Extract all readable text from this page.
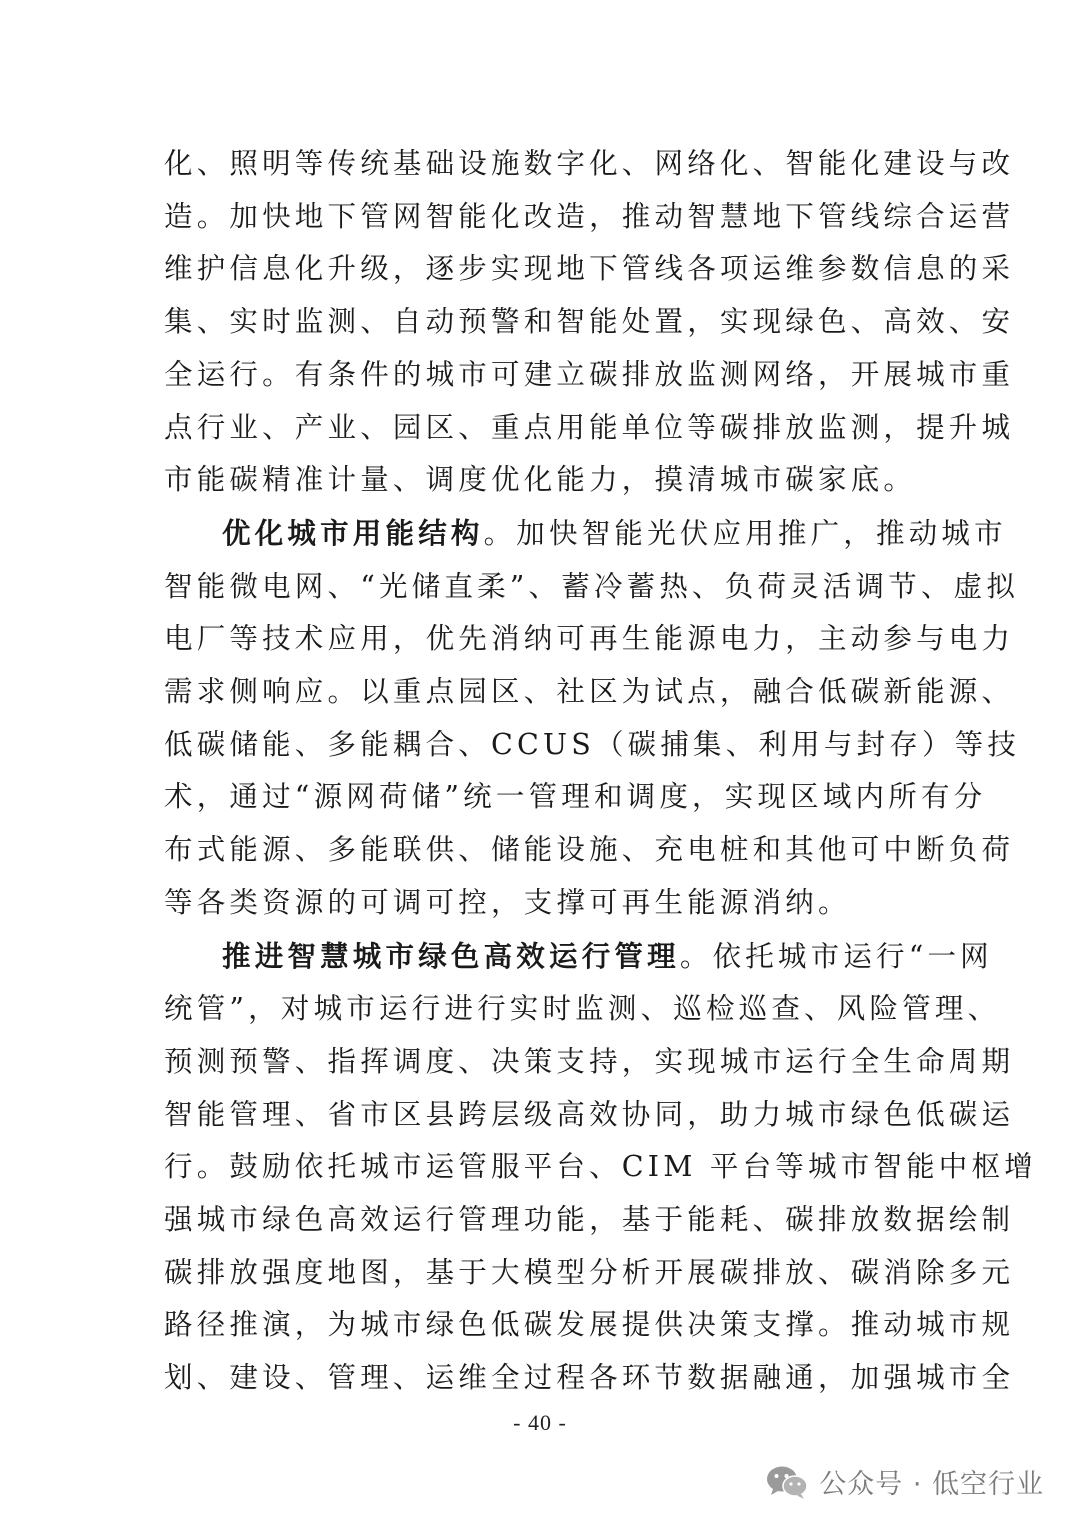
化、照明等传统基础设施数字化、网络化、智能化建设与改
造。加快地下管网智能化改造，推动智慧地下管线综合运营
维护信息化升级，逐步实现地下管线各项运维参数信息的采
集、实时监测、自动预警和智能处置，实现绿色、高效、安
全运行。有条件的城市可建立碳排放监测网络，开展城市重
点行业、产业、园区、重点用能单位等碳排放监测，提升城
市能碳精准计量、调度优化能力，摸清城市碳家底。
优化城市用能结构。加快智能光伏应用推广，推动城市
智能微电网、“光储直柔”、蓄冷蓄热、负荷灵活调节、虚拟
电厂等技术应用，优先消纳可再生能源电力，主动参与电力
需求侧响应。以重点园区、社区为试点，融合低碳新能源、
低碳储能、多能耦合、CCUS（碳捕集、利用与封存）等技
术，通过“源网荷储”统一管理和调度，实现区域内所有分
布式能源、多能联供、储能设施、充电桩和其他可中断负荷
等各类资源的可调可控，支撑可再生能源消纳。
推进智慧城市绿色高效运行管理。依托城市运行“一网
统管”，对城市运行进行实时监测、巡检巡查、风险管理、
预测预警、指挥调度、决策支持，实现城市运行全生命周期
智能管理、省市区县跨层级高效协同，助力城市绿色低碳运
行。鼓励依托城市运管服平台、CIM 平台等城市智能中枢增
强城市绿色高效运行管理功能，基于能耗、碳排放数据绘制
碳排放强度地图，基于大模型分析开展碳排放、碳消除多元
路径推演，为城市绿色低碳发展提供决策支撑。推动城市规
划、建设、管理、运维全过程各环节数据融通，加强城市全
- 40 -
公众号 · 低空行业
